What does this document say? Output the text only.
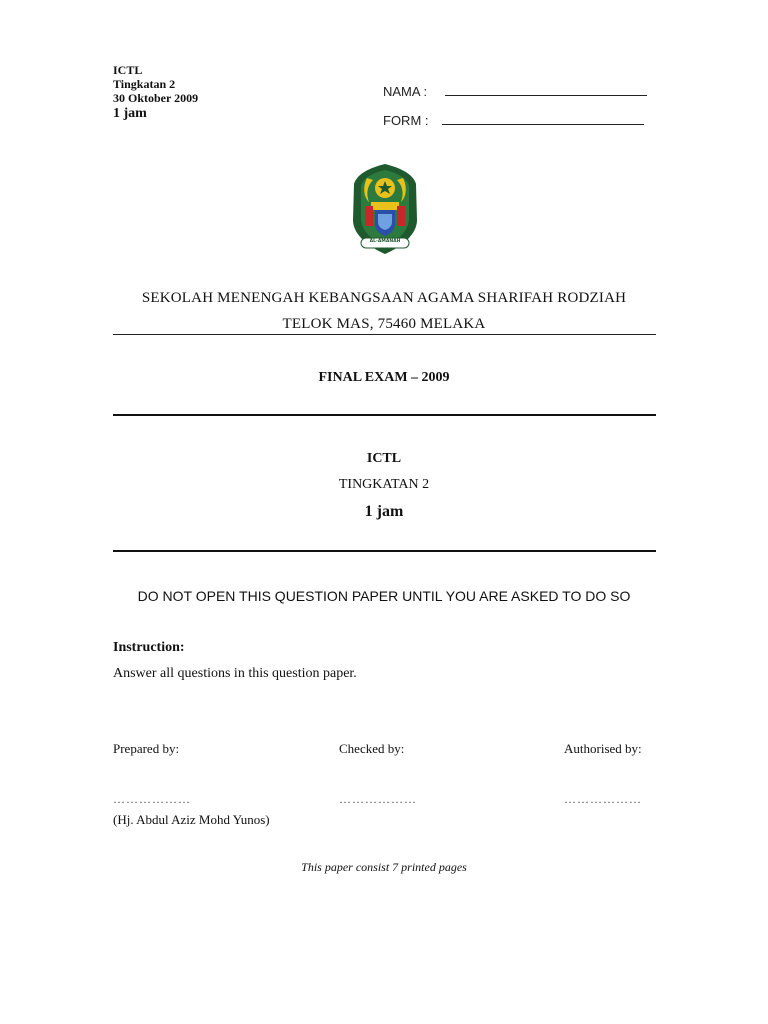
ICTL
Tingkatan 2
30 Oktober 2009
1 jam
NAMA :
FORM :
AL-AMANAH
SEKOLAH MENENGAH KEBANGSAAN AGAMA SHARIFAH RODZIAH
TELOK MAS, 75460 MELAKA
FINAL EXAM – 2009
ICTL
TINGKATAN 2
1 jam
DO NOT OPEN THIS QUESTION PAPER UNTIL YOU ARE ASKED TO DO SO
Instruction:
Answer all questions in this question paper.
Prepared by:	Checked by:	Authorised by:
………………	………………	………………
(Hj. Abdul Aziz Mohd Yunos)
This paper consist 7 printed pages
